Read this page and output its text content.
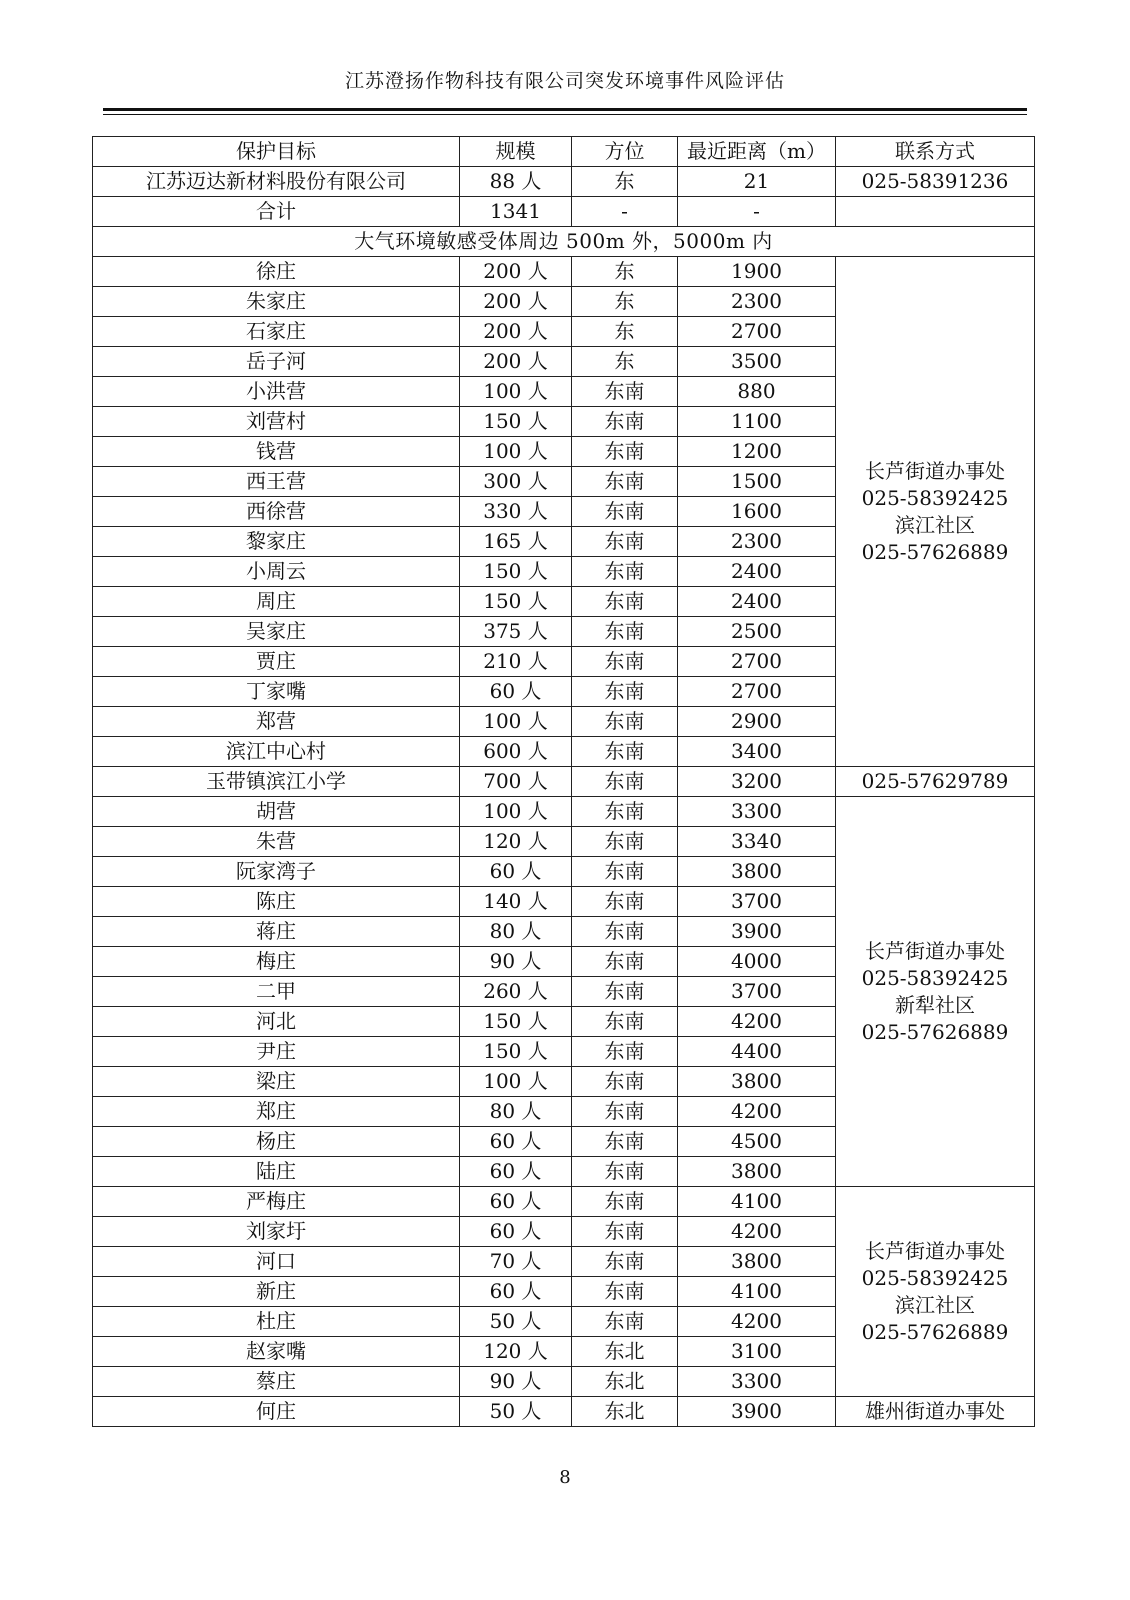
江苏澄扬作物科技有限公司突发环境事件风险评估
保护目标	规模	方位	最近距离（m）	联系方式
江苏迈达新材料股份有限公司	88 人	东	21	025-58391236
合计	1341	-	-	
大气环境敏感受体周边 500m 外，5000m 内				
徐庄	200 人	东	1900	长芦街道办事处
025-58392425
滨江社区
025-57626889

朱家庄	200 人	东	2300	
石家庄	200 人	东	2700	
岳子河	200 人	东	3500	
小洪营	100 人	东南	880	
刘营村	150 人	东南	1100	
钱营	100 人	东南	1200	
西王营	300 人	东南	1500	
西徐营	330 人	东南	1600	
黎家庄	165 人	东南	2300	
小周云	150 人	东南	2400	
周庄	150 人	东南	2400	
吴家庄	375 人	东南	2500	
贾庄	210 人	东南	2700	
丁家嘴	60 人	东南	2700	
郑营	100 人	东南	2900	
滨江中心村	600 人	东南	3400	
玉带镇滨江小学	700 人	东南	3200	025-57629789
胡营	100 人	东南	3300	长芦街道办事处
025-58392425
新犁社区
025-57626889

朱营	120 人	东南	3340	
阮家湾子	60 人	东南	3800	
陈庄	140 人	东南	3700	
蒋庄	80 人	东南	3900	
梅庄	90 人	东南	4000	
二甲	260 人	东南	3700	
河北	150 人	东南	4200	
尹庄	150 人	东南	4400	
梁庄	100 人	东南	3800	
郑庄	80 人	东南	4200	
杨庄	60 人	东南	4500	
陆庄	60 人	东南	3800	
严梅庄	60 人	东南	4100	长芦街道办事处
025-58392425
滨江社区
025-57626889

刘家圩	60 人	东南	4200	
河口	70 人	东南	3800	
新庄	60 人	东南	4100	
杜庄	50 人	东南	4200	
赵家嘴	120 人	东北	3100	
蔡庄	90 人	东北	3300	
何庄	50 人	东北	3900	雄州街道办事处
8
